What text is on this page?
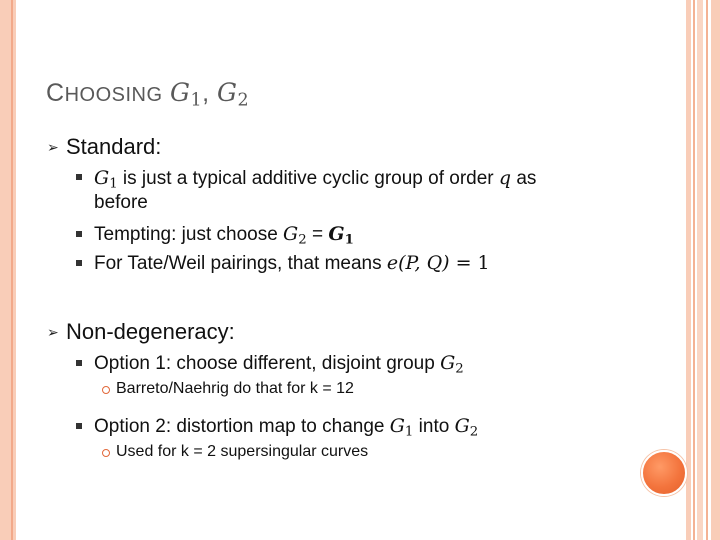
CHOOSING $G_1$, $G_2$
➢ Standard:
$G_1$ is just a typical additive cyclic group of order q as
before
Tempting: just choose $G_2 = G_1$
For Tate/Weil pairings, that means e(P, Q) = 1
➢ Non-degeneracy:
Option 1: choose different, disjoint group $G_2$
Barreto/Naehrig do that for k = 12
Option 2: distortion map to change $G_1$ into $G_2$
Used for k = 2 supersingular curves
